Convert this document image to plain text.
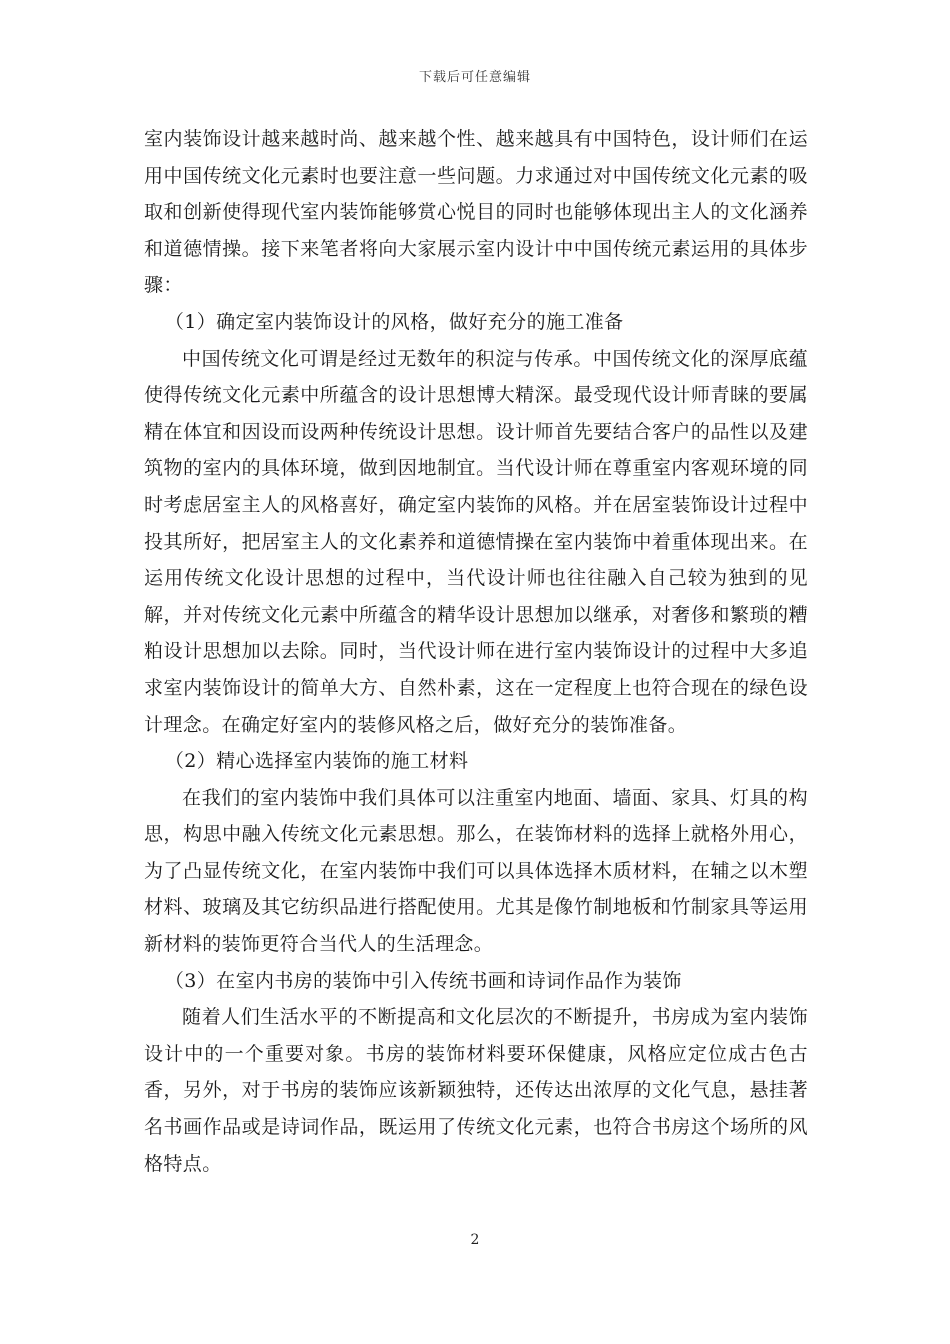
下载后可任意编辑

室内装饰设计越来越时尚、越来越个性、越来越具有中国特色，设计师们在运用中国传统文化元素时也要注意一些问题。力求通过对中国传统文化元素的吸取和创新使得现代室内装饰能够赏心悦目的同时也能够体现出主人的文化涵养和道德情操。接下来笔者将向大家展示室内设计中中国传统元素运用的具体步骤：

（1）确定室内装饰设计的风格，做好充分的施工准备

中国传统文化可谓是经过无数年的积淀与传承。中国传统文化的深厚底蕴使得传统文化元素中所蕴含的设计思想博大精深。最受现代设计师青睐的要属精在体宜和因设而设两种传统设计思想。设计师首先要结合客户的品性以及建筑物的室内的具体环境，做到因地制宜。当代设计师在尊重室内客观环境的同时考虑居室主人的风格喜好，确定室内装饰的风格。并在居室装饰设计过程中投其所好，把居室主人的文化素养和道德情操在室内装饰中着重体现出来。在运用传统文化设计思想的过程中，当代设计师也往往融入自己较为独到的见解，并对传统文化元素中所蕴含的精华设计思想加以继承，对奢侈和繁琐的糟粕设计思想加以去除。同时，当代设计师在进行室内装饰设计的过程中大多追求室内装饰设计的简单大方、自然朴素，这在一定程度上也符合现在的绿色设计理念。在确定好室内的装修风格之后，做好充分的装饰准备。

（2）精心选择室内装饰的施工材料

在我们的室内装饰中我们具体可以注重室内地面、墙面、家具、灯具的构思，构思中融入传统文化元素思想。那么，在装饰材料的选择上就格外用心，为了凸显传统文化，在室内装饰中我们可以具体选择木质材料，在辅之以木塑材料、玻璃及其它纺织品进行搭配使用。尤其是像竹制地板和竹制家具等运用新材料的装饰更符合当代人的生活理念。

（3）在室内书房的装饰中引入传统书画和诗词作品作为装饰

随着人们生活水平的不断提高和文化层次的不断提升，书房成为室内装饰设计中的一个重要对象。书房的装饰材料要环保健康，风格应定位成古色古香，另外，对于书房的装饰应该新颖独特，还传达出浓厚的文化气息，悬挂著名书画作品或是诗词作品，既运用了传统文化元素，也符合书房这个场所的风格特点。

2
